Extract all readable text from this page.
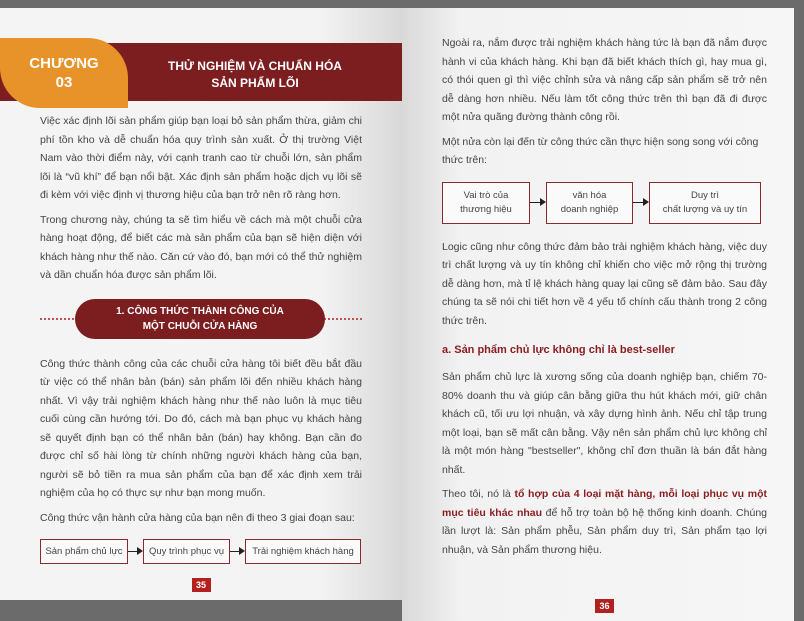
CHƯƠNG
03
THỬ NGHIỆM VÀ CHUẨN HÓA
SẢN PHẨM LÕI
Việc xác định lõi sản phẩm giúp bạn loại bỏ sản phẩm thừa, giảm chi phí tồn kho và dễ chuẩn hóa quy trình sản xuất. Ở thị trường Việt Nam vào thời điểm này, với cạnh tranh cao từ chuỗi lớn, sản phẩm lõi là “vũ khí” để bạn nổi bật. Xác định sản phẩm hoặc dịch vụ lõi sẽ đi kèm với việc định vị thương hiệu của bạn trở nên rõ ràng hơn.
Trong chương này, chúng ta sẽ tìm hiểu về cách mà một chuỗi cửa hàng hoạt động, để biết các mà sản phẩm của bạn sẽ hiện diện với khách hàng như thế nào. Căn cứ vào đó, bạn mới có thể thử nghiệm và dần chuẩn hóa được sản phẩm lõi.
1. CÔNG THỨC THÀNH CÔNG CỦA
MỘT CHUỖI CỬA HÀNG
Công thức thành công của các chuỗi cửa hàng tôi biết đều bắt đầu từ việc có thể nhân bản (bán) sản phẩm lõi đến nhiều khách hàng nhất. Vì vậy trải nghiệm khách hàng như thế nào luôn là mục tiêu cuối cùng cần hướng tới. Do đó, cách mà bạn phục vụ khách hàng sẽ quyết định bạn có thể nhân bản (bán) hay không. Bạn cần đo được chỉ số hài lòng từ chính những người khách hàng của bạn, người sẽ bỏ tiền ra mua sản phẩm của bạn để xác định xem trải nghiệm của họ có thực sự như bạn mong muốn.
Công thức vận hành cửa hàng của bạn nên đi theo 3 giai đoạn sau:
Sản phẩm chủ lực	Quy trình phục vụ	Trải nghiệm khách hàng
35
Ngoài ra, nắm được trải nghiệm khách hàng tức là bạn đã nắm được hành vi của khách hàng. Khi bạn đã biết khách thích gì, hay mua gì, có thói quen gì thì việc chỉnh sửa và nâng cấp sản phẩm sẽ trở nên dễ dàng hơn nhiều. Nếu làm tốt công thức trên thì bạn đã đi được một nửa quãng đường thành công rồi.
Một nửa còn lại đến từ công thức cần thực hiện song song với công thức trên:
Vai trò của
thương hiệu
văn hóa
doanh nghiệp
Duy trì
chất lượng và uy tín
Logic cũng như công thức đảm bảo trải nghiệm khách hàng, việc duy trì chất lượng và uy tín không chỉ khiến cho việc mở rộng thị trường dễ dàng hơn, mà tỉ lệ khách hàng quay lại cũng sẽ đảm bảo. Sau đây chúng ta sẽ nói chi tiết hơn về 4 yếu tố chính cấu thành trong 2 công thức trên.
a. Sản phẩm chủ lực không chỉ là best-seller
Sản phẩm chủ lực là xương sống của doanh nghiệp bạn, chiếm 70-80% doanh thu và giúp cân bằng giữa thu hút khách mới, giữ chân khách cũ, tối ưu lợi nhuận, và xây dựng hình ảnh. Nếu chỉ tập trung một loại, bạn sẽ mất cân bằng. Vậy nên sản phẩm chủ lực không chỉ là một món hàng "bestseller", không chỉ đơn thuần là bán đắt hàng nhất.
Theo tôi, nó là tổ hợp của 4 loại mặt hàng, mỗi loại phục vụ một mục tiêu khác nhau để hỗ trợ toàn bộ hệ thống kinh doanh. Chúng lần lượt là: Sản phẩm phễu, Sản phẩm duy trì, Sản phẩm tạo lợi nhuận, và Sản phẩm thương hiệu.
36
